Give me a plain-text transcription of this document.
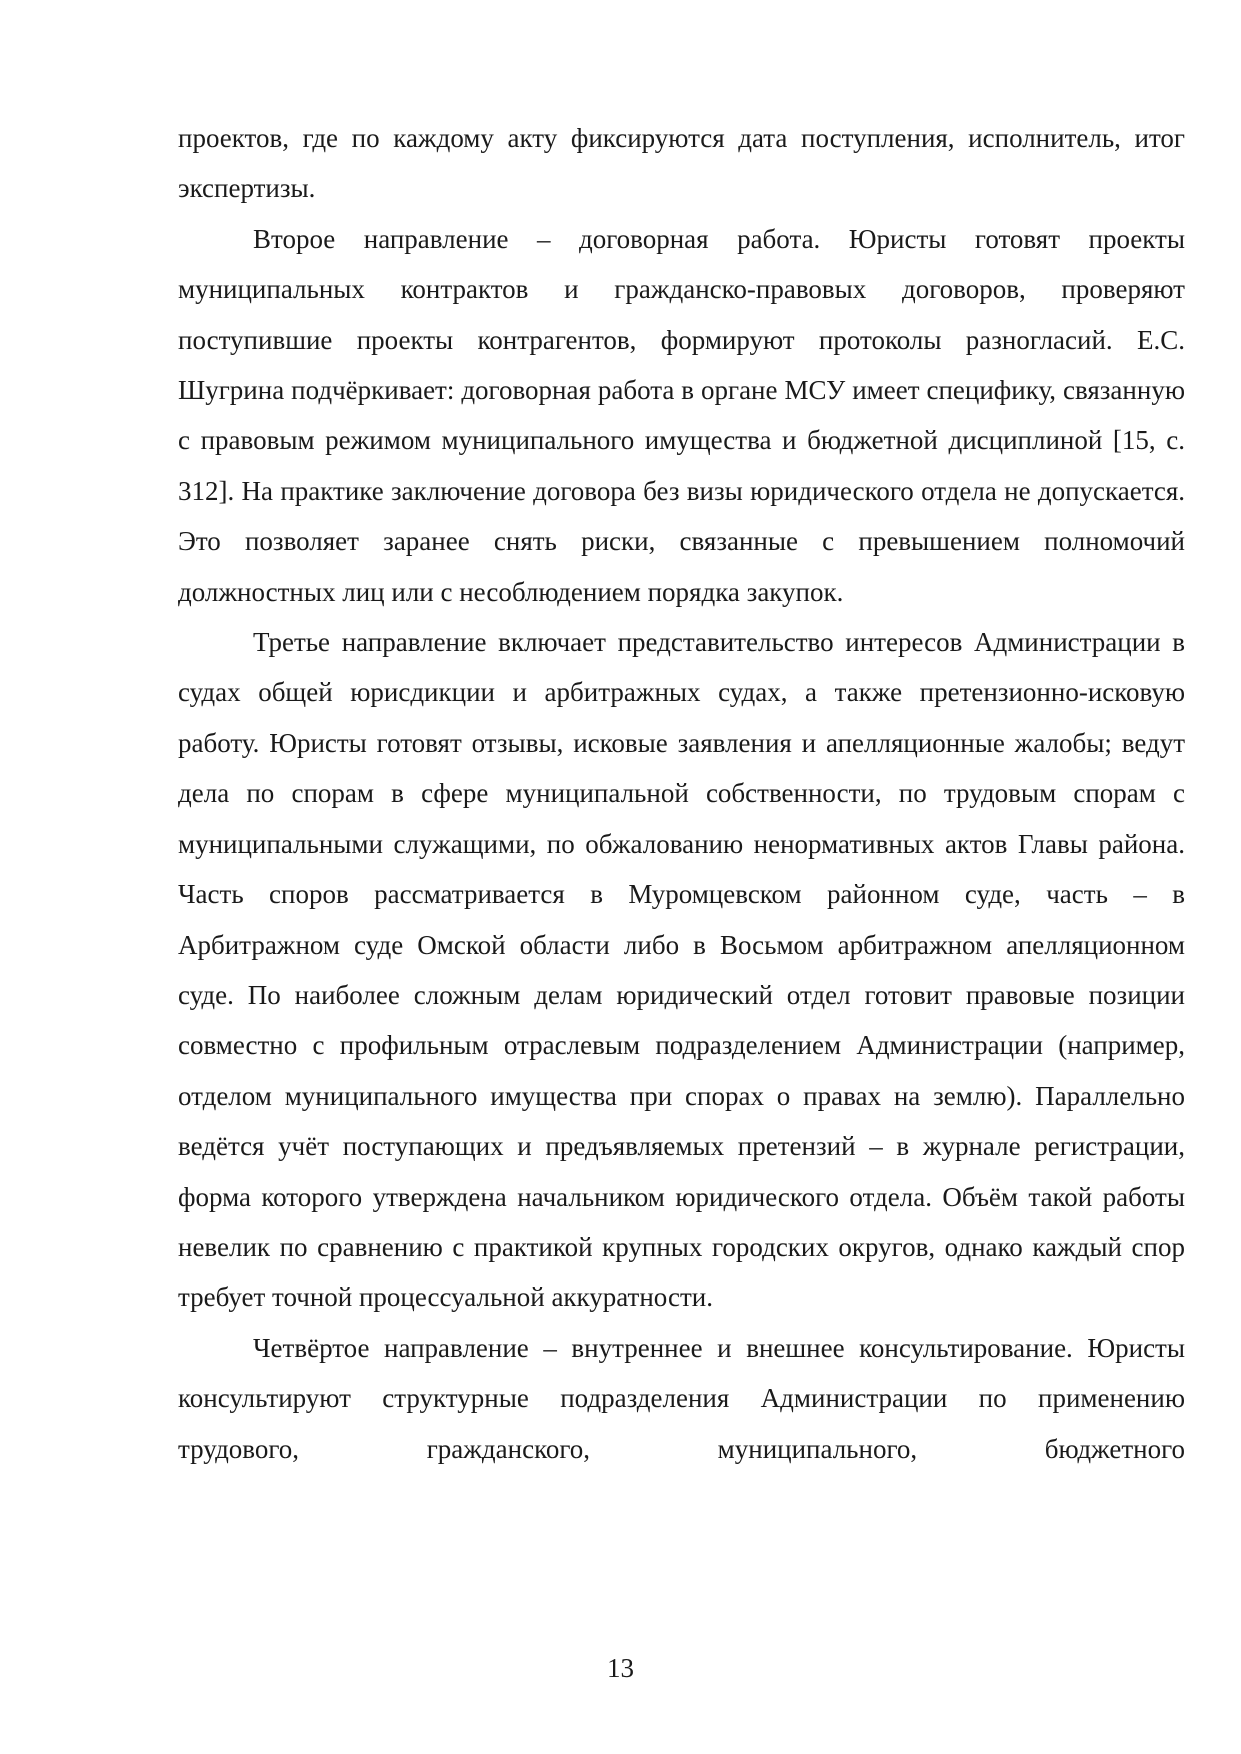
проектов, где по каждому акту фиксируются дата поступления, исполнитель, итог экспертизы.

Второе направление – договорная работа. Юристы готовят проекты муниципальных контрактов и гражданско-правовых договоров, проверяют поступившие проекты контрагентов, формируют протоколы разногласий. Е.С. Шугрина подчёркивает: договорная работа в органе МСУ имеет специфику, связанную с правовым режимом муниципального имущества и бюджетной дисциплиной [15, с. 312]. На практике заключение договора без визы юридического отдела не допускается. Это позволяет заранее снять риски, связанные с превышением полномочий должностных лиц или с несоблюдением порядка закупок.

Третье направление включает представительство интересов Администрации в судах общей юрисдикции и арбитражных судах, а также претензионно-исковую работу. Юристы готовят отзывы, исковые заявления и апелляционные жалобы; ведут дела по спорам в сфере муниципальной собственности, по трудовым спорам с муниципальными служащими, по обжалованию ненормативных актов Главы района. Часть споров рассматривается в Муромцевском районном суде, часть – в Арбитражном суде Омской области либо в Восьмом арбитражном апелляционном суде. По наиболее сложным делам юридический отдел готовит правовые позиции совместно с профильным отраслевым подразделением Администрации (например, отделом муниципального имущества при спорах о правах на землю). Параллельно ведётся учёт поступающих и предъявляемых претензий – в журнале регистрации, форма которого утверждена начальником юридического отдела. Объём такой работы невелик по сравнению с практикой крупных городских округов, однако каждый спор требует точной процессуальной аккуратности.

Четвёртое направление – внутреннее и внешнее консультирование. Юристы консультируют структурные подразделения Администрации по применению трудового, гражданского, муниципального, бюджетного

13
